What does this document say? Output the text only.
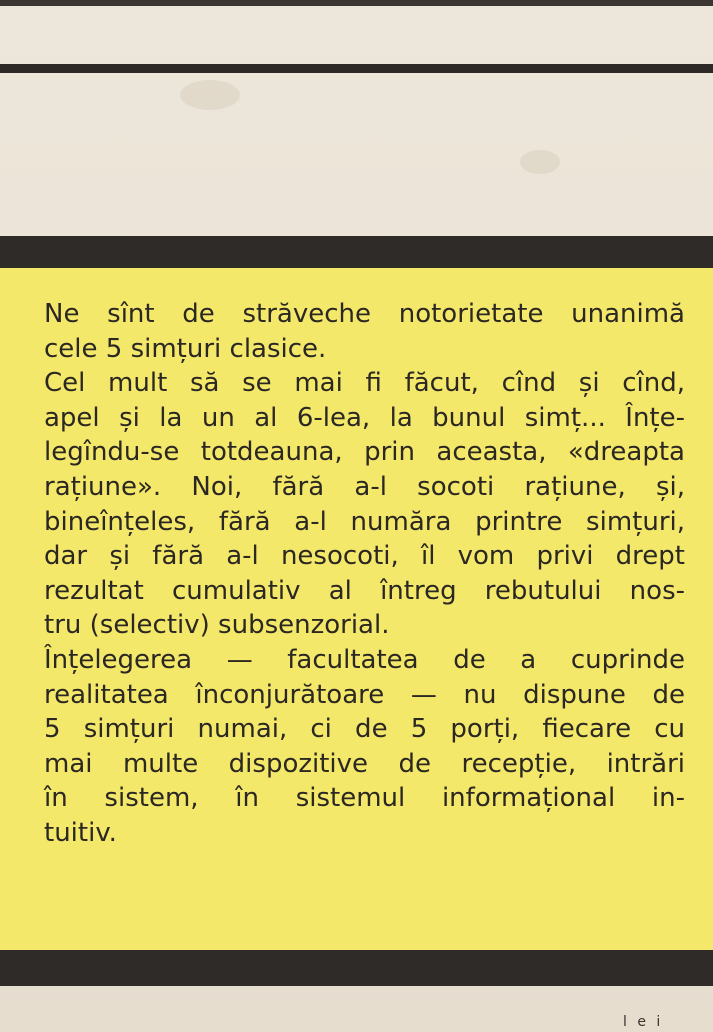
Ne sînt de străveche notorietate unanimă
cele 5 simțuri clasice.
Cel mult să se mai fi făcut, cînd și cînd,
apel și la un al 6-lea, la bunul simț... Înțe-
legîndu-se totdeauna, prin aceasta, «dreapta
rațiune». Noi, fără a-l socoti rațiune, și,
bineînțeles, fără a-l număra printre simțuri,
dar și fără a-l nesocoti, îl vom privi drept
rezultat cumulativ al întreg rebutului nos-
tru (selectiv) subsenzorial.
Înțelegerea — facultatea de a cuprinde
realitatea înconjurătoare — nu dispune de
5 simțuri numai, ci de 5 porți, fiecare cu
mai multe dispozitive de recepție, intrări
în sistem, în sistemul informațional in-
tuitiv.
l e i
